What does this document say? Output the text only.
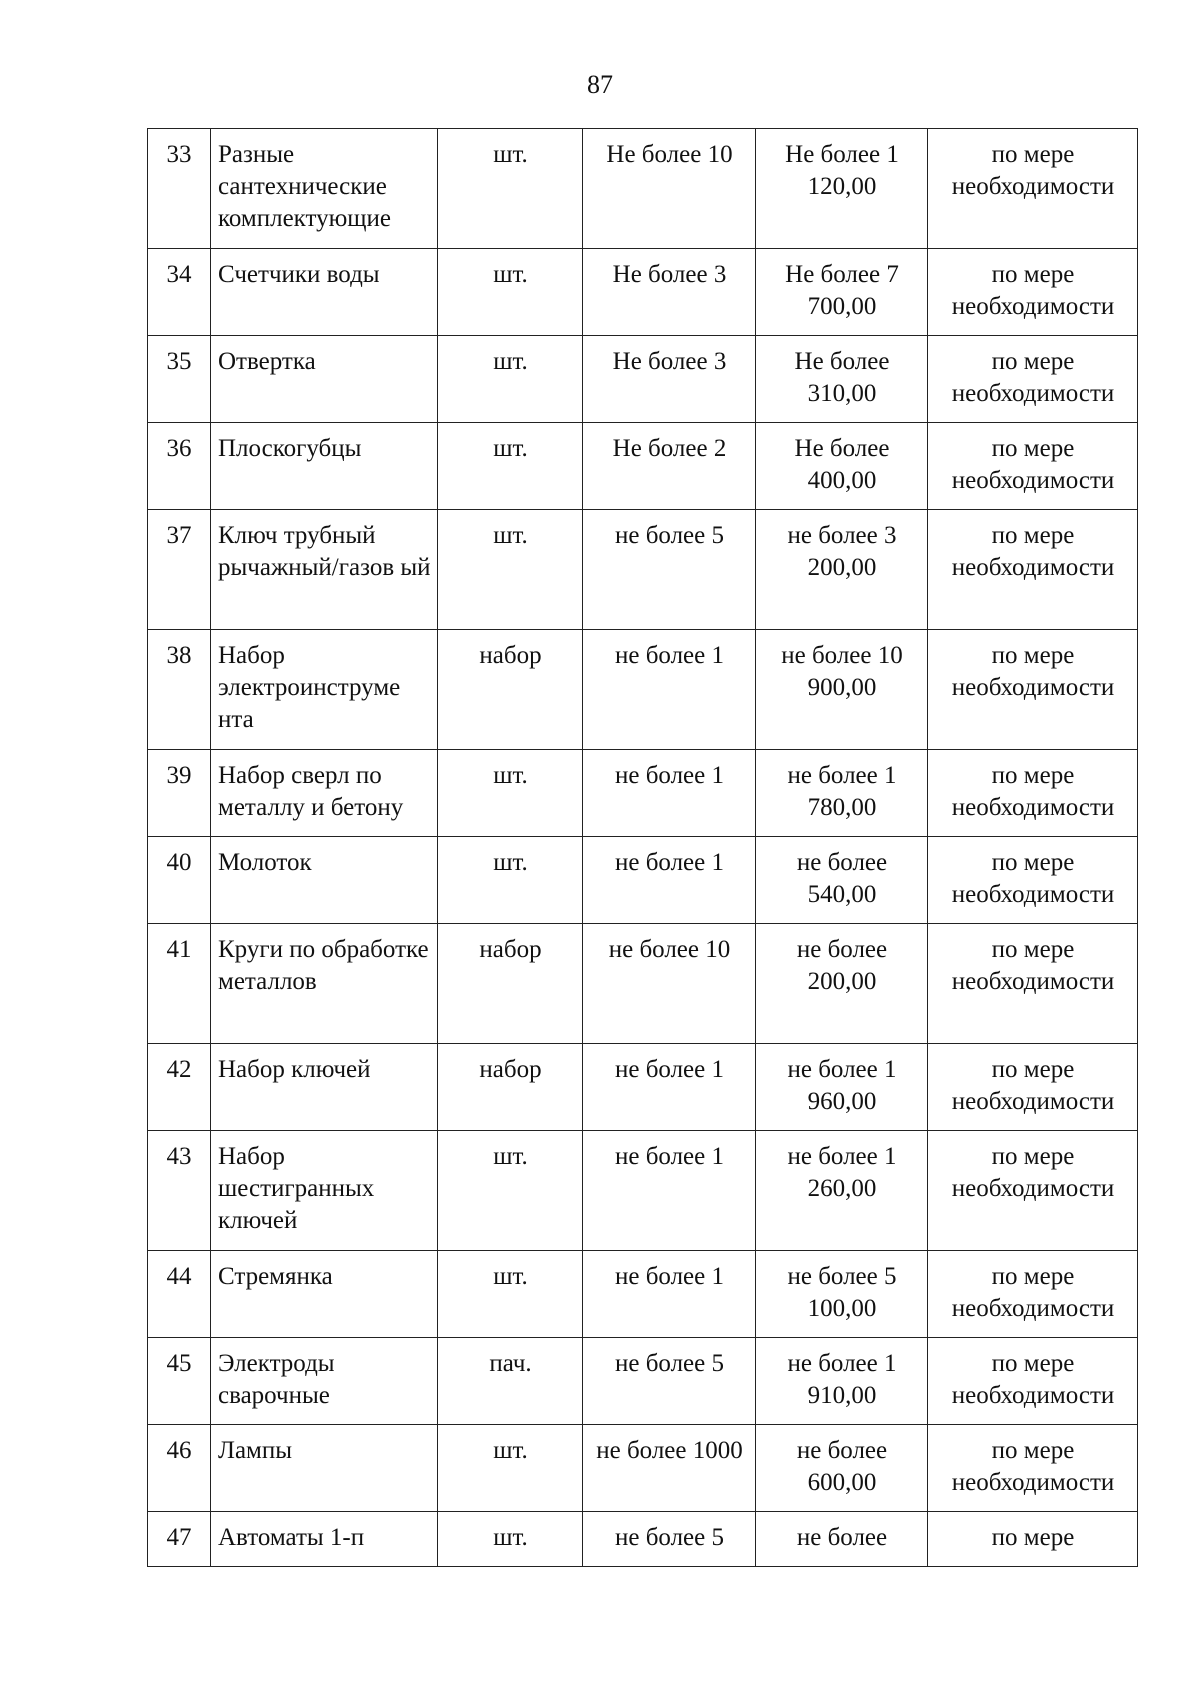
87
33	Разные сантехнические комплектующие	шт.	Не более 10	Не более 1 120,00	по мере необходимости
34	Счетчики воды	шт.	Не более 3	Не более 7 700,00	по мере необходимости
35	Отвертка	шт.	Не более 3	Не более 310,00	по мере необходимости
36	Плоскогубцы	шт.	Не более 2	Не более 400,00	по мере необходимости
37	Ключ трубный рычажный/газов ый	шт.	не более 5	не более 3 200,00	по мере необходимости
38	Набор электроинструме нта	набор	не более 1	не более 10 900,00	по мере необходимости
39	Набор сверл по металлу и бетону	шт.	не более 1	не более 1 780,00	по мере необходимости
40	Молоток	шт.	не более 1	не более 540,00	по мере необходимости
41	Круги по обработке металлов	набор	не более 10	не более 200,00	по мере необходимости
42	Набор ключей	набор	не более 1	не более 1 960,00	по мере необходимости
43	Набор шестигранных ключей	шт.	не более 1	не более 1 260,00	по мере необходимости
44	Стремянка	шт.	не более 1	не более 5 100,00	по мере необходимости
45	Электроды сварочные	пач.	не более 5	не более 1 910,00	по мере необходимости
46	Лампы	шт.	не более 1000	не более 600,00	по мере необходимости
47	Автоматы 1-п	шт.	не более 5	не более	по мере
